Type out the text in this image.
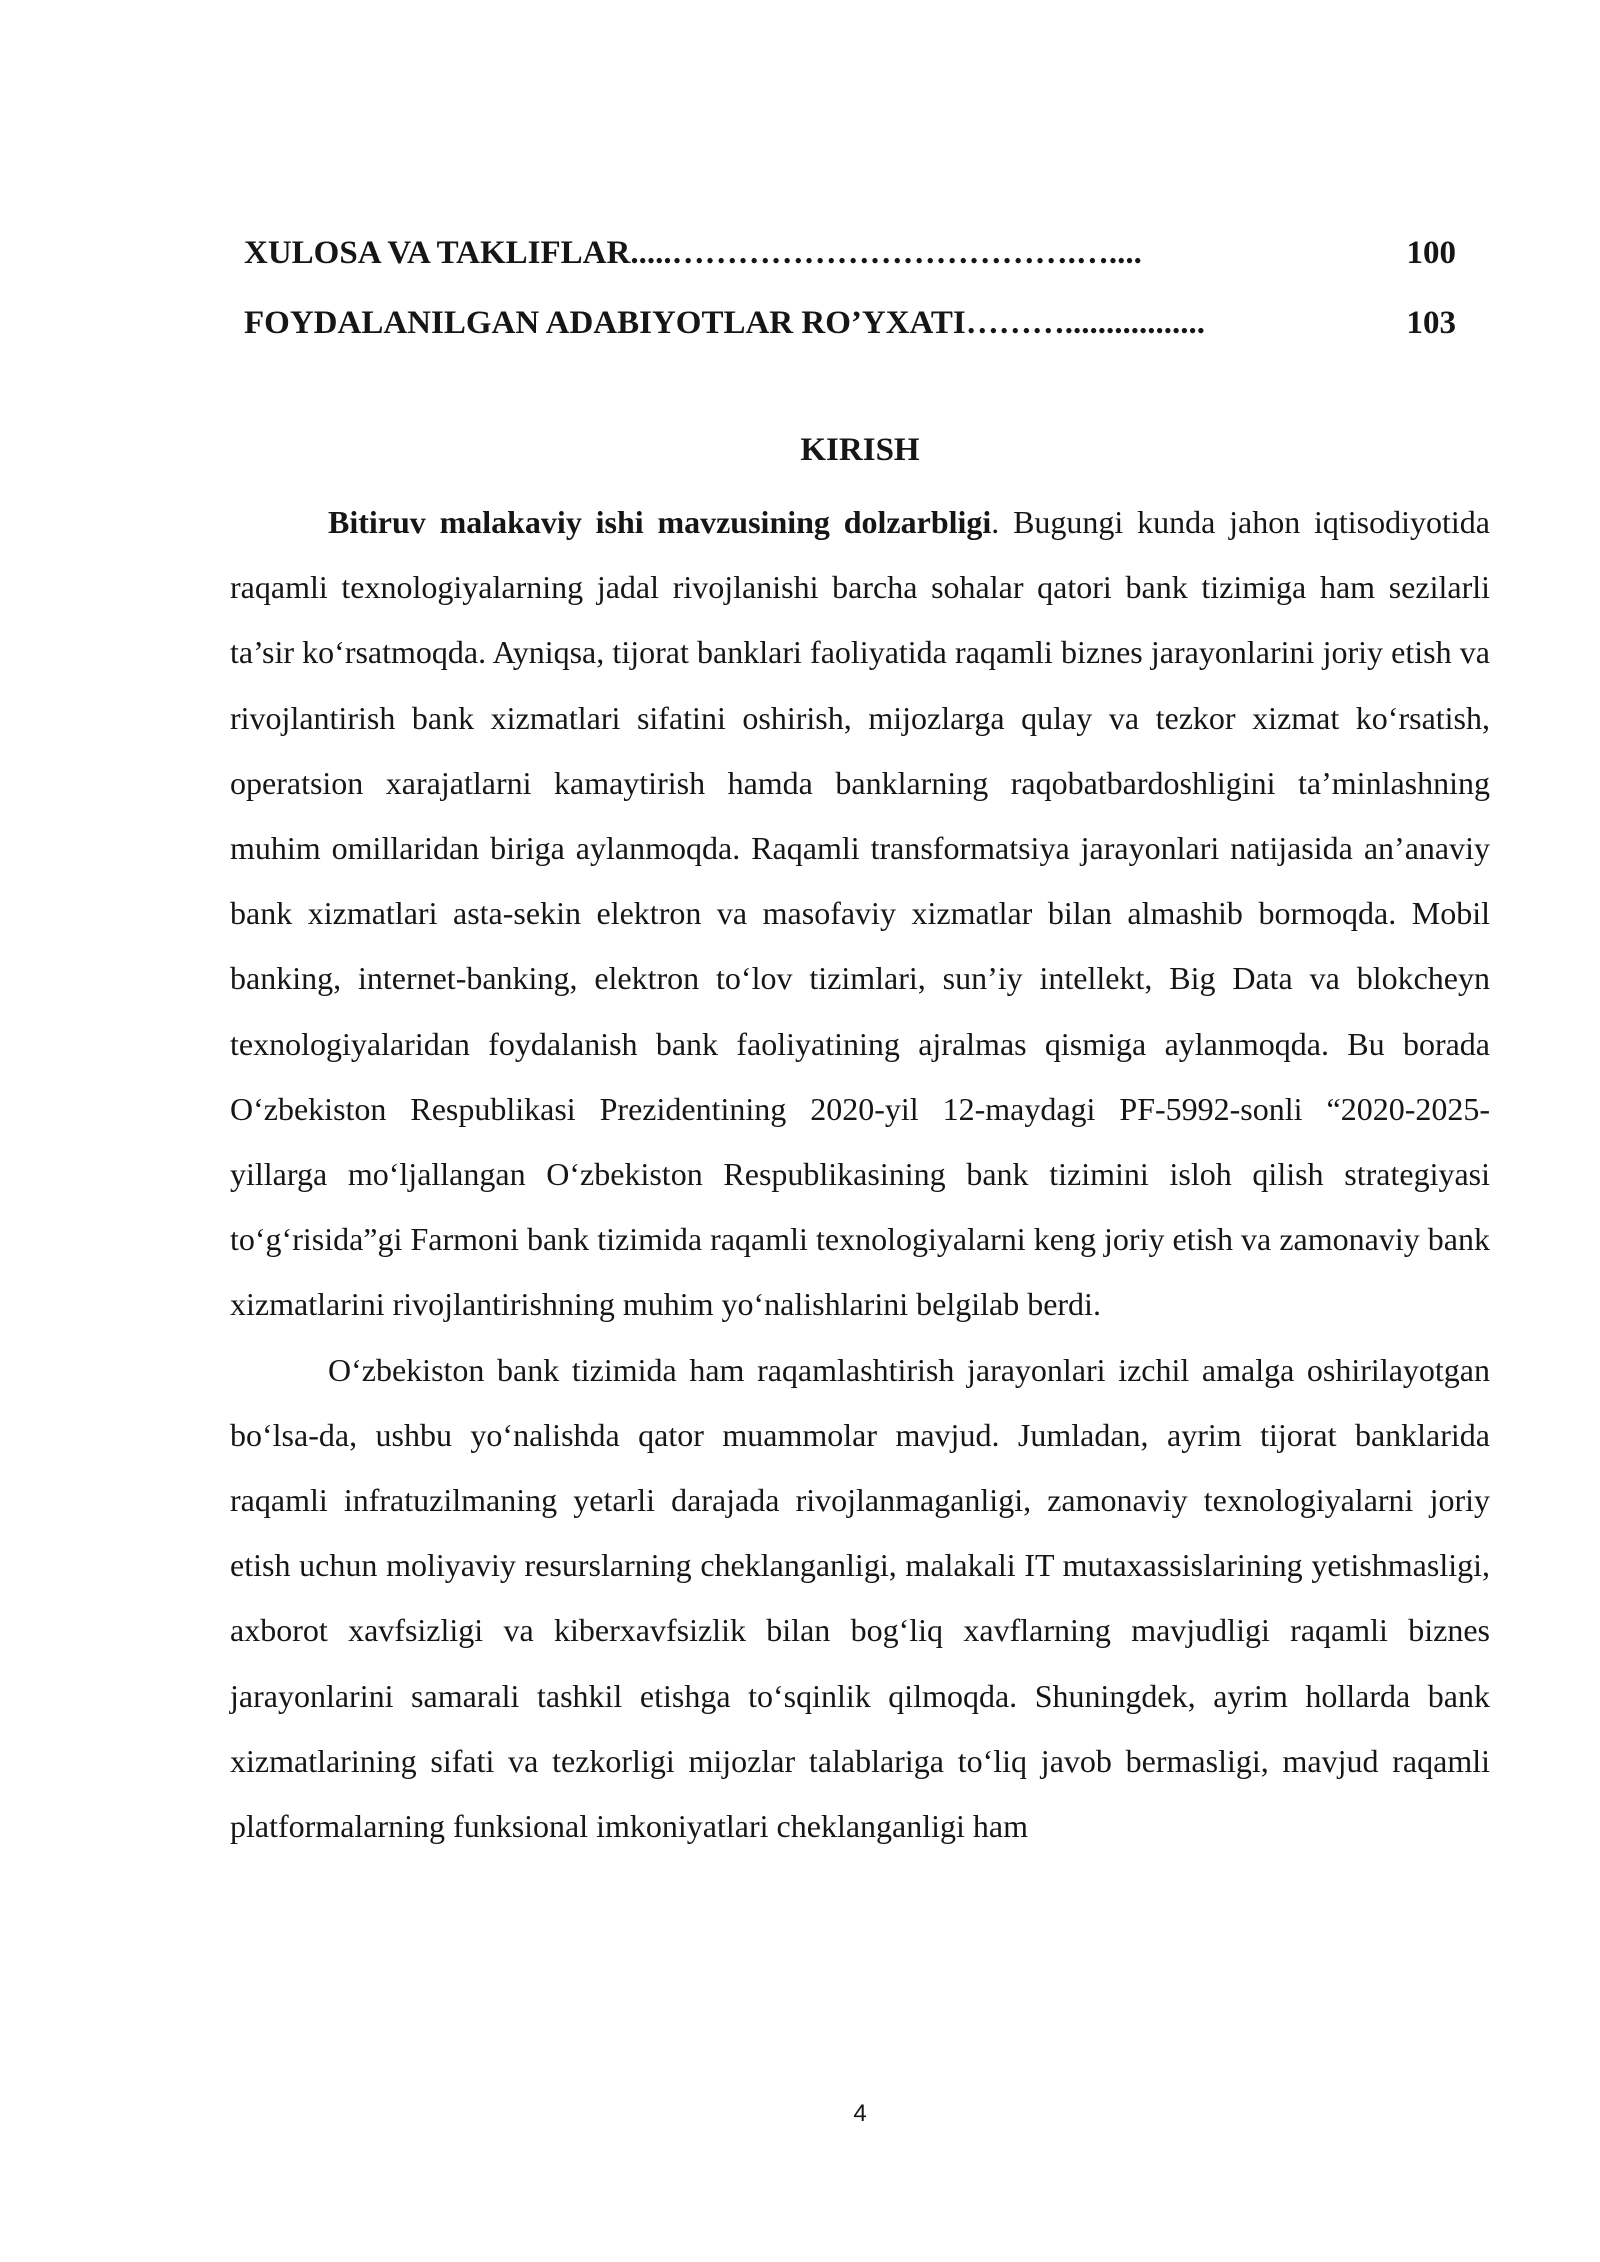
XULOSA VA TAKLIFLAR .....……………………………….…....	100
FOYDALANILGAN ADABIYOTLAR RO’YXATI ……….................	103
KIRISH

Bitiruv malakaviy ishi mavzusining dolzarbligi. Bugungi kunda jahon iqtisodiyotida raqamli texnologiyalarning jadal rivojlanishi barcha sohalar qatori bank tizimiga ham sezilarli ta’sir ko‘rsatmoqda. Ayniqsa, tijorat banklari faoliyatida raqamli biznes jarayonlarini joriy etish va rivojlantirish bank xizmatlari sifatini oshirish, mijozlarga qulay va tezkor xizmat ko‘rsatish, operatsion xarajatlarni kamaytirish hamda banklarning raqobatbardoshligini ta’minlashning muhim omillaridan biriga aylanmoqda. Raqamli transformatsiya jarayonlari natijasida an’anaviy bank xizmatlari asta-sekin elektron va masofaviy xizmatlar bilan almashib bormoqda. Mobil banking, internet-banking, elektron to‘lov tizimlari, sun’iy intellekt, Big Data va blokcheyn texnologiyalaridan foydalanish bank faoliyatining ajralmas qismiga aylanmoqda. Bu borada O‘zbekiston Respublikasi Prezidentining 2020-yil 12-maydagi PF-5992-sonli “2020-2025-yillarga mo‘ljallangan O‘zbekiston Respublikasining bank tizimini isloh qilish strategiyasi to‘g‘risida”gi Farmoni bank tizimida raqamli texnologiyalarni keng joriy etish va zamonaviy bank xizmatlarini rivojlantirishning muhim yo‘nalishlarini belgilab berdi.

O‘zbekiston bank tizimida ham raqamlashtirish jarayonlari izchil amalga oshirilayotgan bo‘lsa-da, ushbu yo‘nalishda qator muammolar mavjud. Jumladan, ayrim tijorat banklarida raqamli infratuzilmaning yetarli darajada rivojlanmaganligi, zamonaviy texnologiyalarni joriy etish uchun moliyaviy resurslarning cheklanganligi, malakali IT mutaxassislarining yetishmasligi, axborot xavfsizligi va kiberxavfsizlik bilan bog‘liq xavflarning mavjudligi raqamli biznes jarayonlarini samarali tashkil etishga to‘sqinlik qilmoqda. Shuningdek, ayrim hollarda bank xizmatlarining sifati va tezkorligi mijozlar talablariga to‘liq javob bermasligi, mavjud raqamli platformalarning funksional imkoniyatlari cheklanganligi ham

4
